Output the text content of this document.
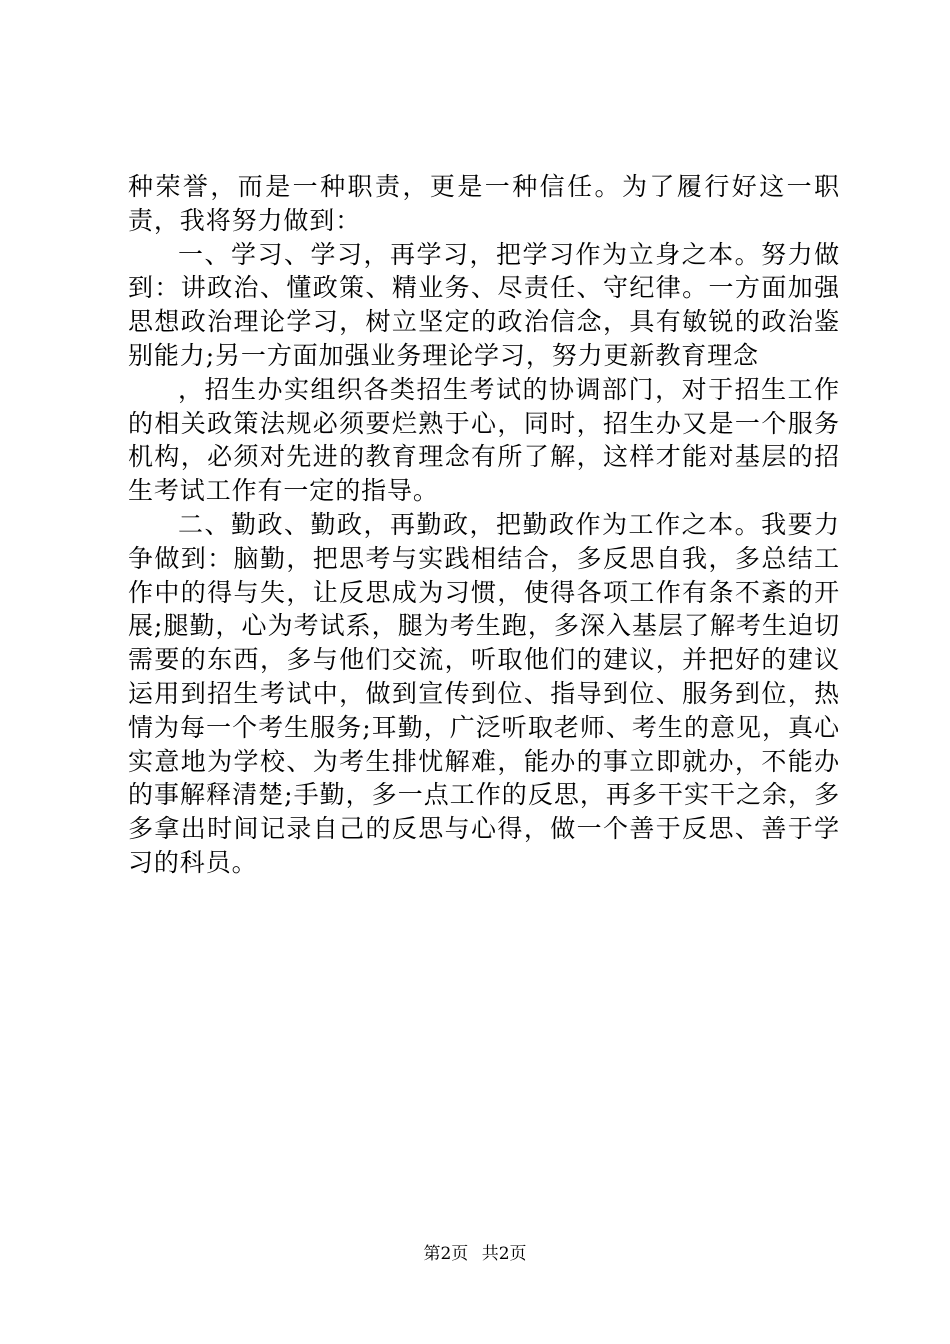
种荣誉，而是一种职责，更是一种信任。为了履行好这一职责，我将努力做到：

一、学习、学习，再学习，把学习作为立身之本。努力做到：讲政治、懂政策、精业务、尽责任、守纪律。一方面加强思想政治理论学习，树立坚定的政治信念，具有敏锐的政治鉴别能力;另一方面加强业务理论学习，努力更新教育理念

，招生办实组织各类招生考试的协调部门，对于招生工作的相关政策法规必须要烂熟于心，同时，招生办又是一个服务机构，必须对先进的教育理念有所了解，这样才能对基层的招生考试工作有一定的指导。

二、勤政、勤政，再勤政，把勤政作为工作之本。我要力争做到：脑勤，把思考与实践相结合，多反思自我，多总结工作中的得与失，让反思成为习惯，使得各项工作有条不紊的开展;腿勤，心为考试系，腿为考生跑，多深入基层了解考生迫切需要的东西，多与他们交流，听取他们的建议，并把好的建议运用到招生考试中，做到宣传到位、指导到位、服务到位，热情为每一个考生服务;耳勤，广泛听取老师、考生的意见，真心实意地为学校、为考生排忧解难，能办的事立即就办，不能办的事解释清楚;手勤，多一点工作的反思，再多干实干之余，多多拿出时间记录自己的反思与心得，做一个善于反思、善于学习的科员。

第2页 共2页
